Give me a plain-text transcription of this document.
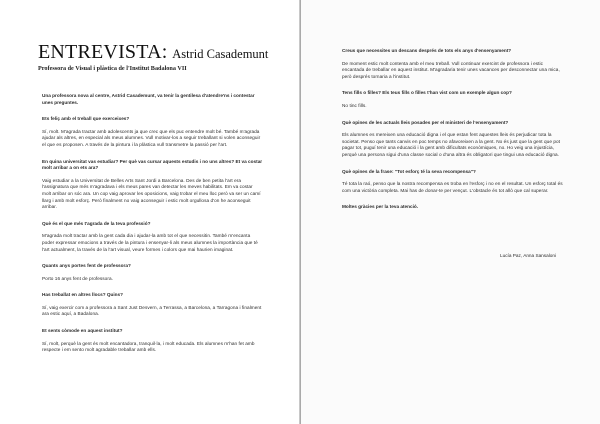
ENTREVISTA: Astrid Casademunt
Professora de Visual i plàstica de l'Institut Badalona VII

Una professora nova al centre, Astrid Casademunt, va tenir la gentilesa d'atendre'ns i contestar unes preguntes.

Ets feliç amb el treball que exerceixes?

Sí, molt. M'agrada tractar amb adolescents ja que crec que els puc entendre molt bé. També m'agrada ajudar als altres, en especial als meus alumnes. Vull motivar-los a seguir treballant si volen aconseguir el que es proposen. A través de la pintura i la plàstica vull transmetre la passió per l'art.

En quina universitat vas estudiar? Per què vas cursar aquests estudis i no uns altres? Et va costar molt arribar a on ets ara?

Vaig estudiar a la Universitat de Belles Arts Sant Jordi a Barcelona. Des de ben petita l'art era l'assignatura que més m'agradava i els meus pares van detectar les meves habilitats. Em va costar molt arribar on sóc ara. Un cop vaig aprovar les oposicions, vaig trobar el meu lloc però va ser un camí llarg i amb molt esforç. Però finalment no vaig aconseguir i estic molt orgullosa d'on he aconseguit arribar.

Què és el que més t'agrada de la teva professió?

M'agrada molt tractar amb la gent cada dia i ajudar-la amb tot el que necessitin. També m'encanta poder expressar emocions a través de la pintura i ensenyar-li als meus alumnes la importància que té l'art actualment, la través de la l'art visual, veure formes i colors que mai haurien imaginat.

Quants anys portes fent de professora?

Porto 16 anys fent de professora.

Has treballat en altres llocs? Quins?

Sí, vaig exercir com a professora a Sant Just Desvern, a Terrassa, a Barcelona, a Tarragona i finalment ara estic aquí, a Badalona.

Et sents còmode en aquest institut?

Sí, molt, perquè la gent és molt encantadora, tranquil·la, i molt educada. Els alumnes m'han fet amb respecte i em sento molt agradable treballar amb ells.

Creus que necessites un descans després de tots els anys d'ensenyament?

De moment estic molt contenta amb el meu treball. Vull continuar exercint de professora i estic encantada de treballar en aquest institut. M'agradaria tenir unes vacances per desconnectar una mica, però després tornaria a l'institut.

Tens fills o filles? Els teus fills o filles t'han vist com un exemple algun cop?

No tinc fills.

Què opines de les actuals lleis posades per el ministeri de l'ensenyament?

Els alumnes es mereixen una educació digna i el que estan fent aquestes lleis és perjudicar tota la societat. Penso que tants canvis en poc temps no afavoreixen a la gent. No és just que la gent que pot pagar tot, puguí tenir una educació i la gent amb dificultats econòmiques, no. Ho veig una injustícia, perquè una persona sigui d'una classe social o d'una altra és obligatori que tingui una educació digna.

Què opines de la frase: "Tot esforç té la seva recompensa"?

Té tota la raó, penso que la nostra recompensa es troba en l'esforç i no en el resultat. Un esforç total és com una victòria completa. Mai has de donar-te per vençut. L'obstacle és tot allò que cal superar.

Moltes gràcies per la teva atenció.

Lucía Paz, Anna Sansaloni
